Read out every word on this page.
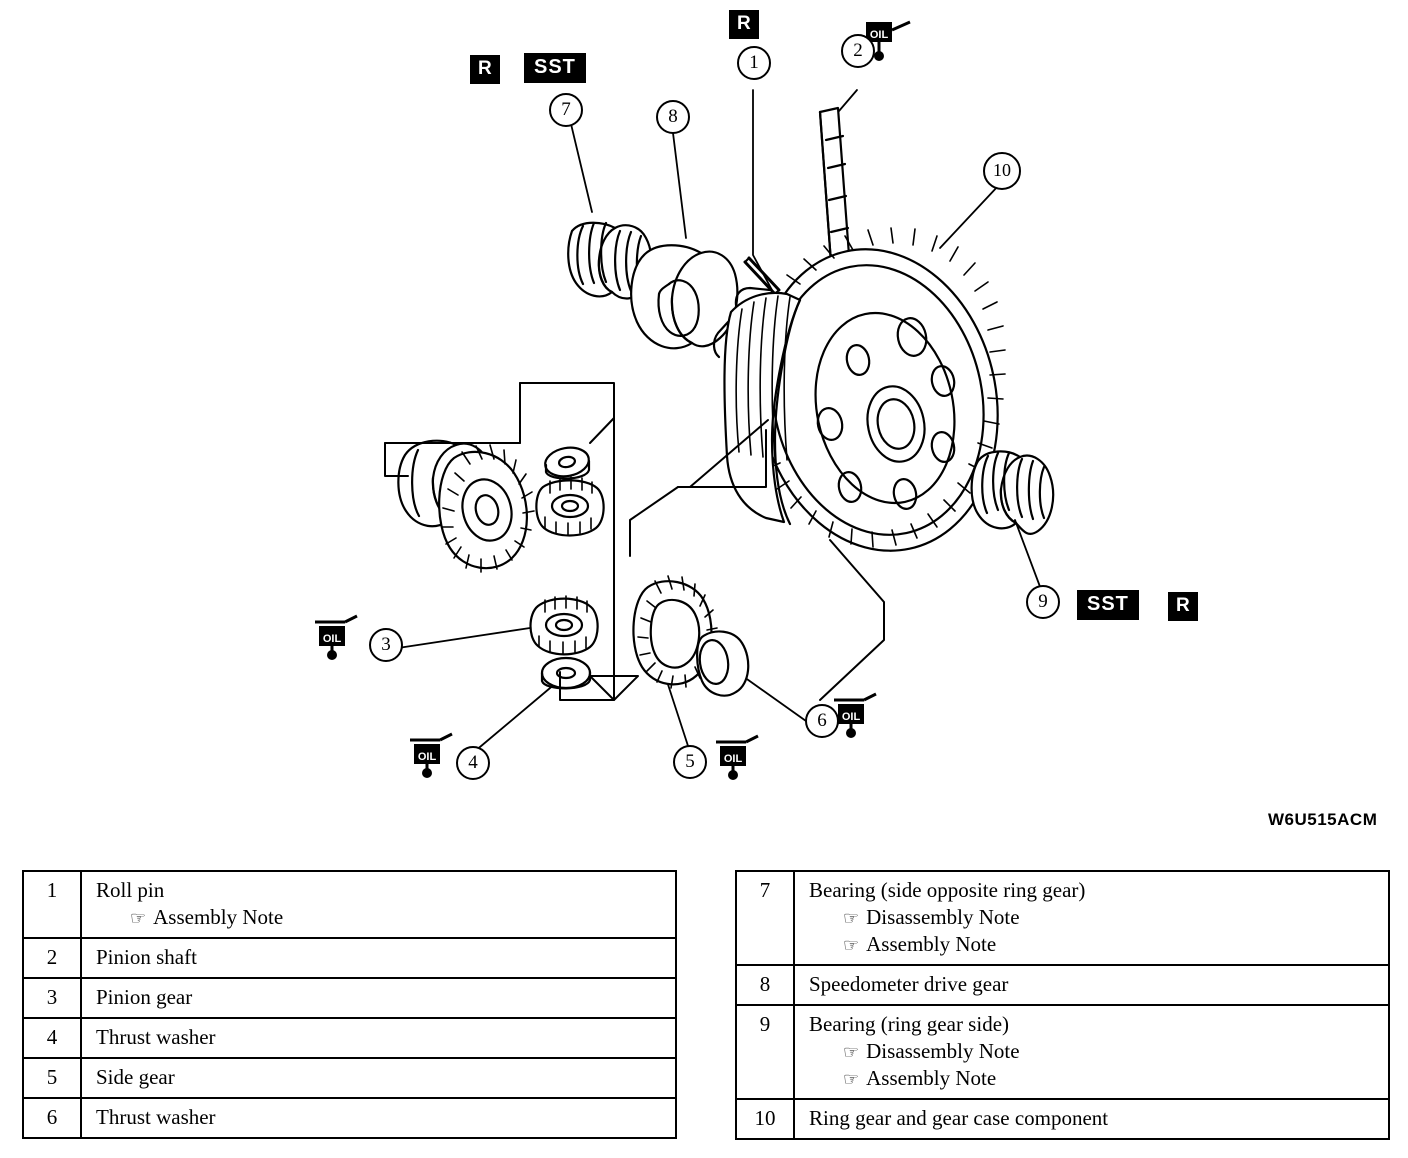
OIL
OIL
OIL	OIL
OIL
R	SST
R
SST	R
1
2
3
4	5
6
7	8
9
10
W6U515ACM
1	Roll pin
☞ Assembly Note

2	Pinion shaft
3	Pinion gear
4	Thrust washer
5	Side gear
6	Thrust washer
7	Bearing (side opposite ring gear)
☞ Disassembly Note
☞ Assembly Note

8	Speedometer drive gear
9	Bearing (ring gear side)
☞ Disassembly Note
☞ Assembly Note

10	Ring gear and gear case component
